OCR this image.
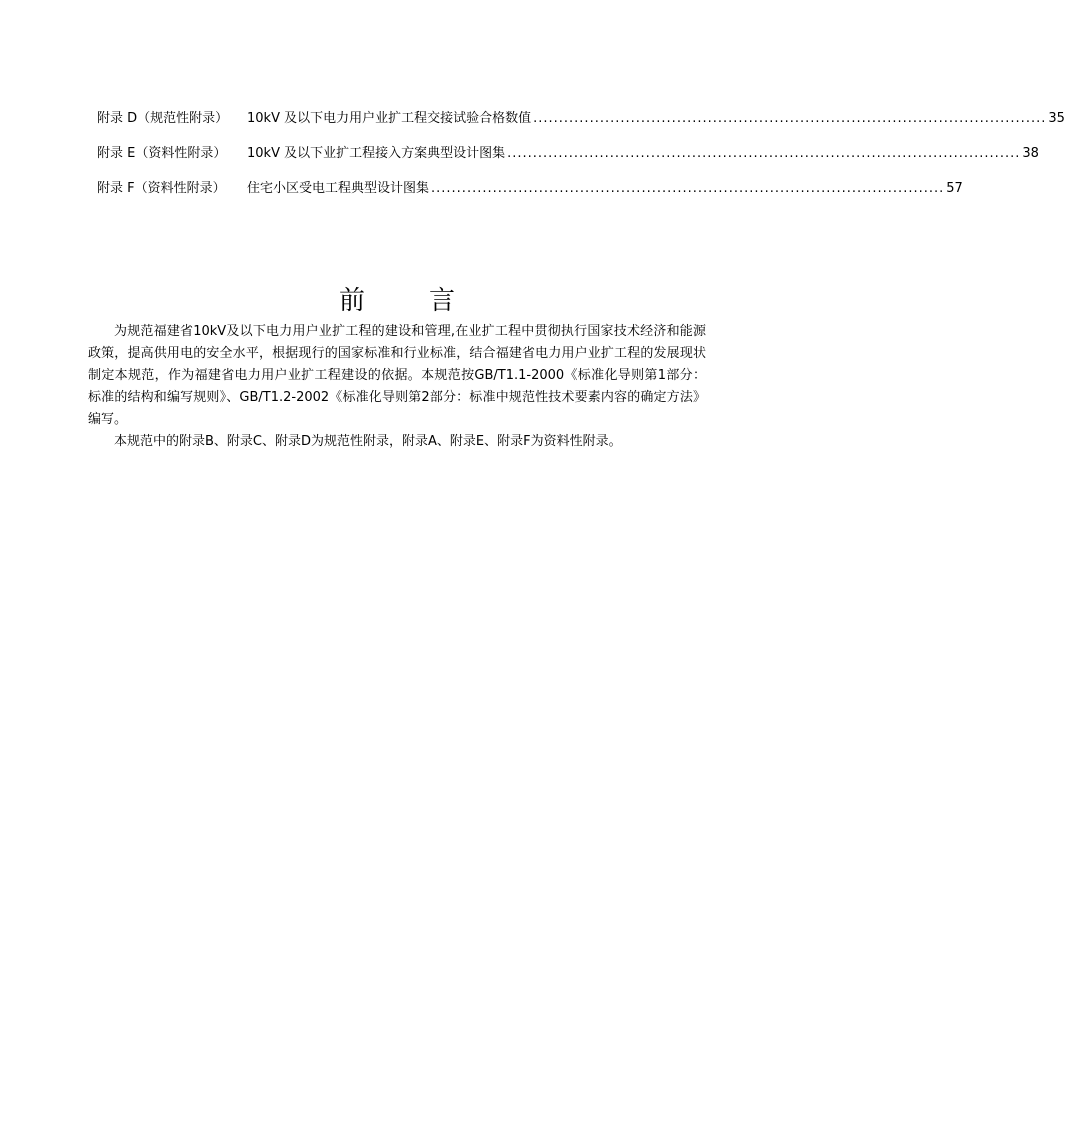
附录 D（规范性附录）	10kV 及以下电力用户业扩工程交接试验合格数值 .................................................................................................... 35
附录 E（资料性附录）	10kV 及以下业扩工程接入方案典型设计图集 .................................................................................................... 38
附录 F（资料性附录）	住宅小区受电工程典型设计图集 .................................................................................................... 57
前言

为规范福建省10kV及以下电力用户业扩工程的建设和管理,在业扩工程中贯彻执行国家技术经济和能源政策，提高供用电的安全水平，根据现行的国家标准和行业标准，结合福建省电力用户业扩工程的发展现状制定本规范，作为福建省电力用户业扩工程建设的依据。本规范按GB/T1.1-2000《标准化导则第1部分：标准的结构和编写规则》、GB/T1.2-2002《标准化导则第2部分：标准中规范性技术要素内容的确定方法》编写。

本规范中的附录B、附录C、附录D为规范性附录，附录A、附录E、附录F为资料性附录。
